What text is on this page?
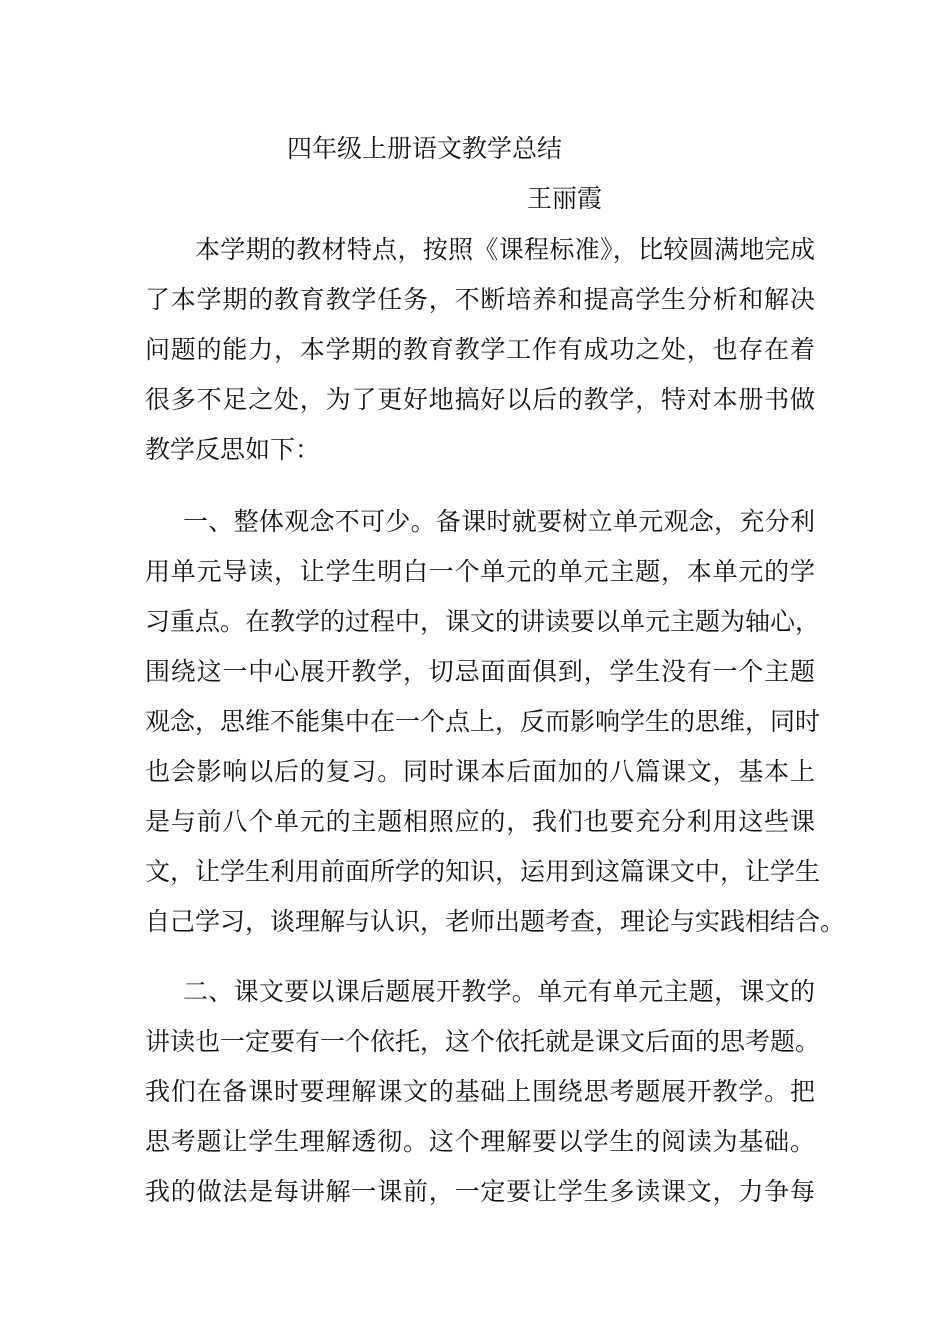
四年级上册语文教学总结
王丽霞
本学期的教材特点，按照《课程标准》，比较圆满地完成
了本学期的教育教学任务，不断培养和提高学生分析和解决
问题的能力，本学期的教育教学工作有成功之处，也存在着
很多不足之处，为了更好地搞好以后的教学，特对本册书做
教学反思如下：
一、整体观念不可少。备课时就要树立单元观念，充分利
用单元导读，让学生明白一个单元的单元主题，本单元的学
习重点。在教学的过程中，课文的讲读要以单元主题为轴心，
围绕这一中心展开教学，切忌面面俱到，学生没有一个主题
观念，思维不能集中在一个点上，反而影响学生的思维，同时
也会影响以后的复习。同时课本后面加的八篇课文，基本上
是与前八个单元的主题相照应的，我们也要充分利用这些课
文，让学生利用前面所学的知识，运用到这篇课文中，让学生
自己学习，谈理解与认识，老师出题考查，理论与实践相结合。
二、课文要以课后题展开教学。单元有单元主题，课文的
讲读也一定要有一个依托，这个依托就是课文后面的思考题。
我们在备课时要理解课文的基础上围绕思考题展开教学。把
思考题让学生理解透彻。这个理解要以学生的阅读为基础。
我的做法是每讲解一课前，一定要让学生多读课文，力争每
